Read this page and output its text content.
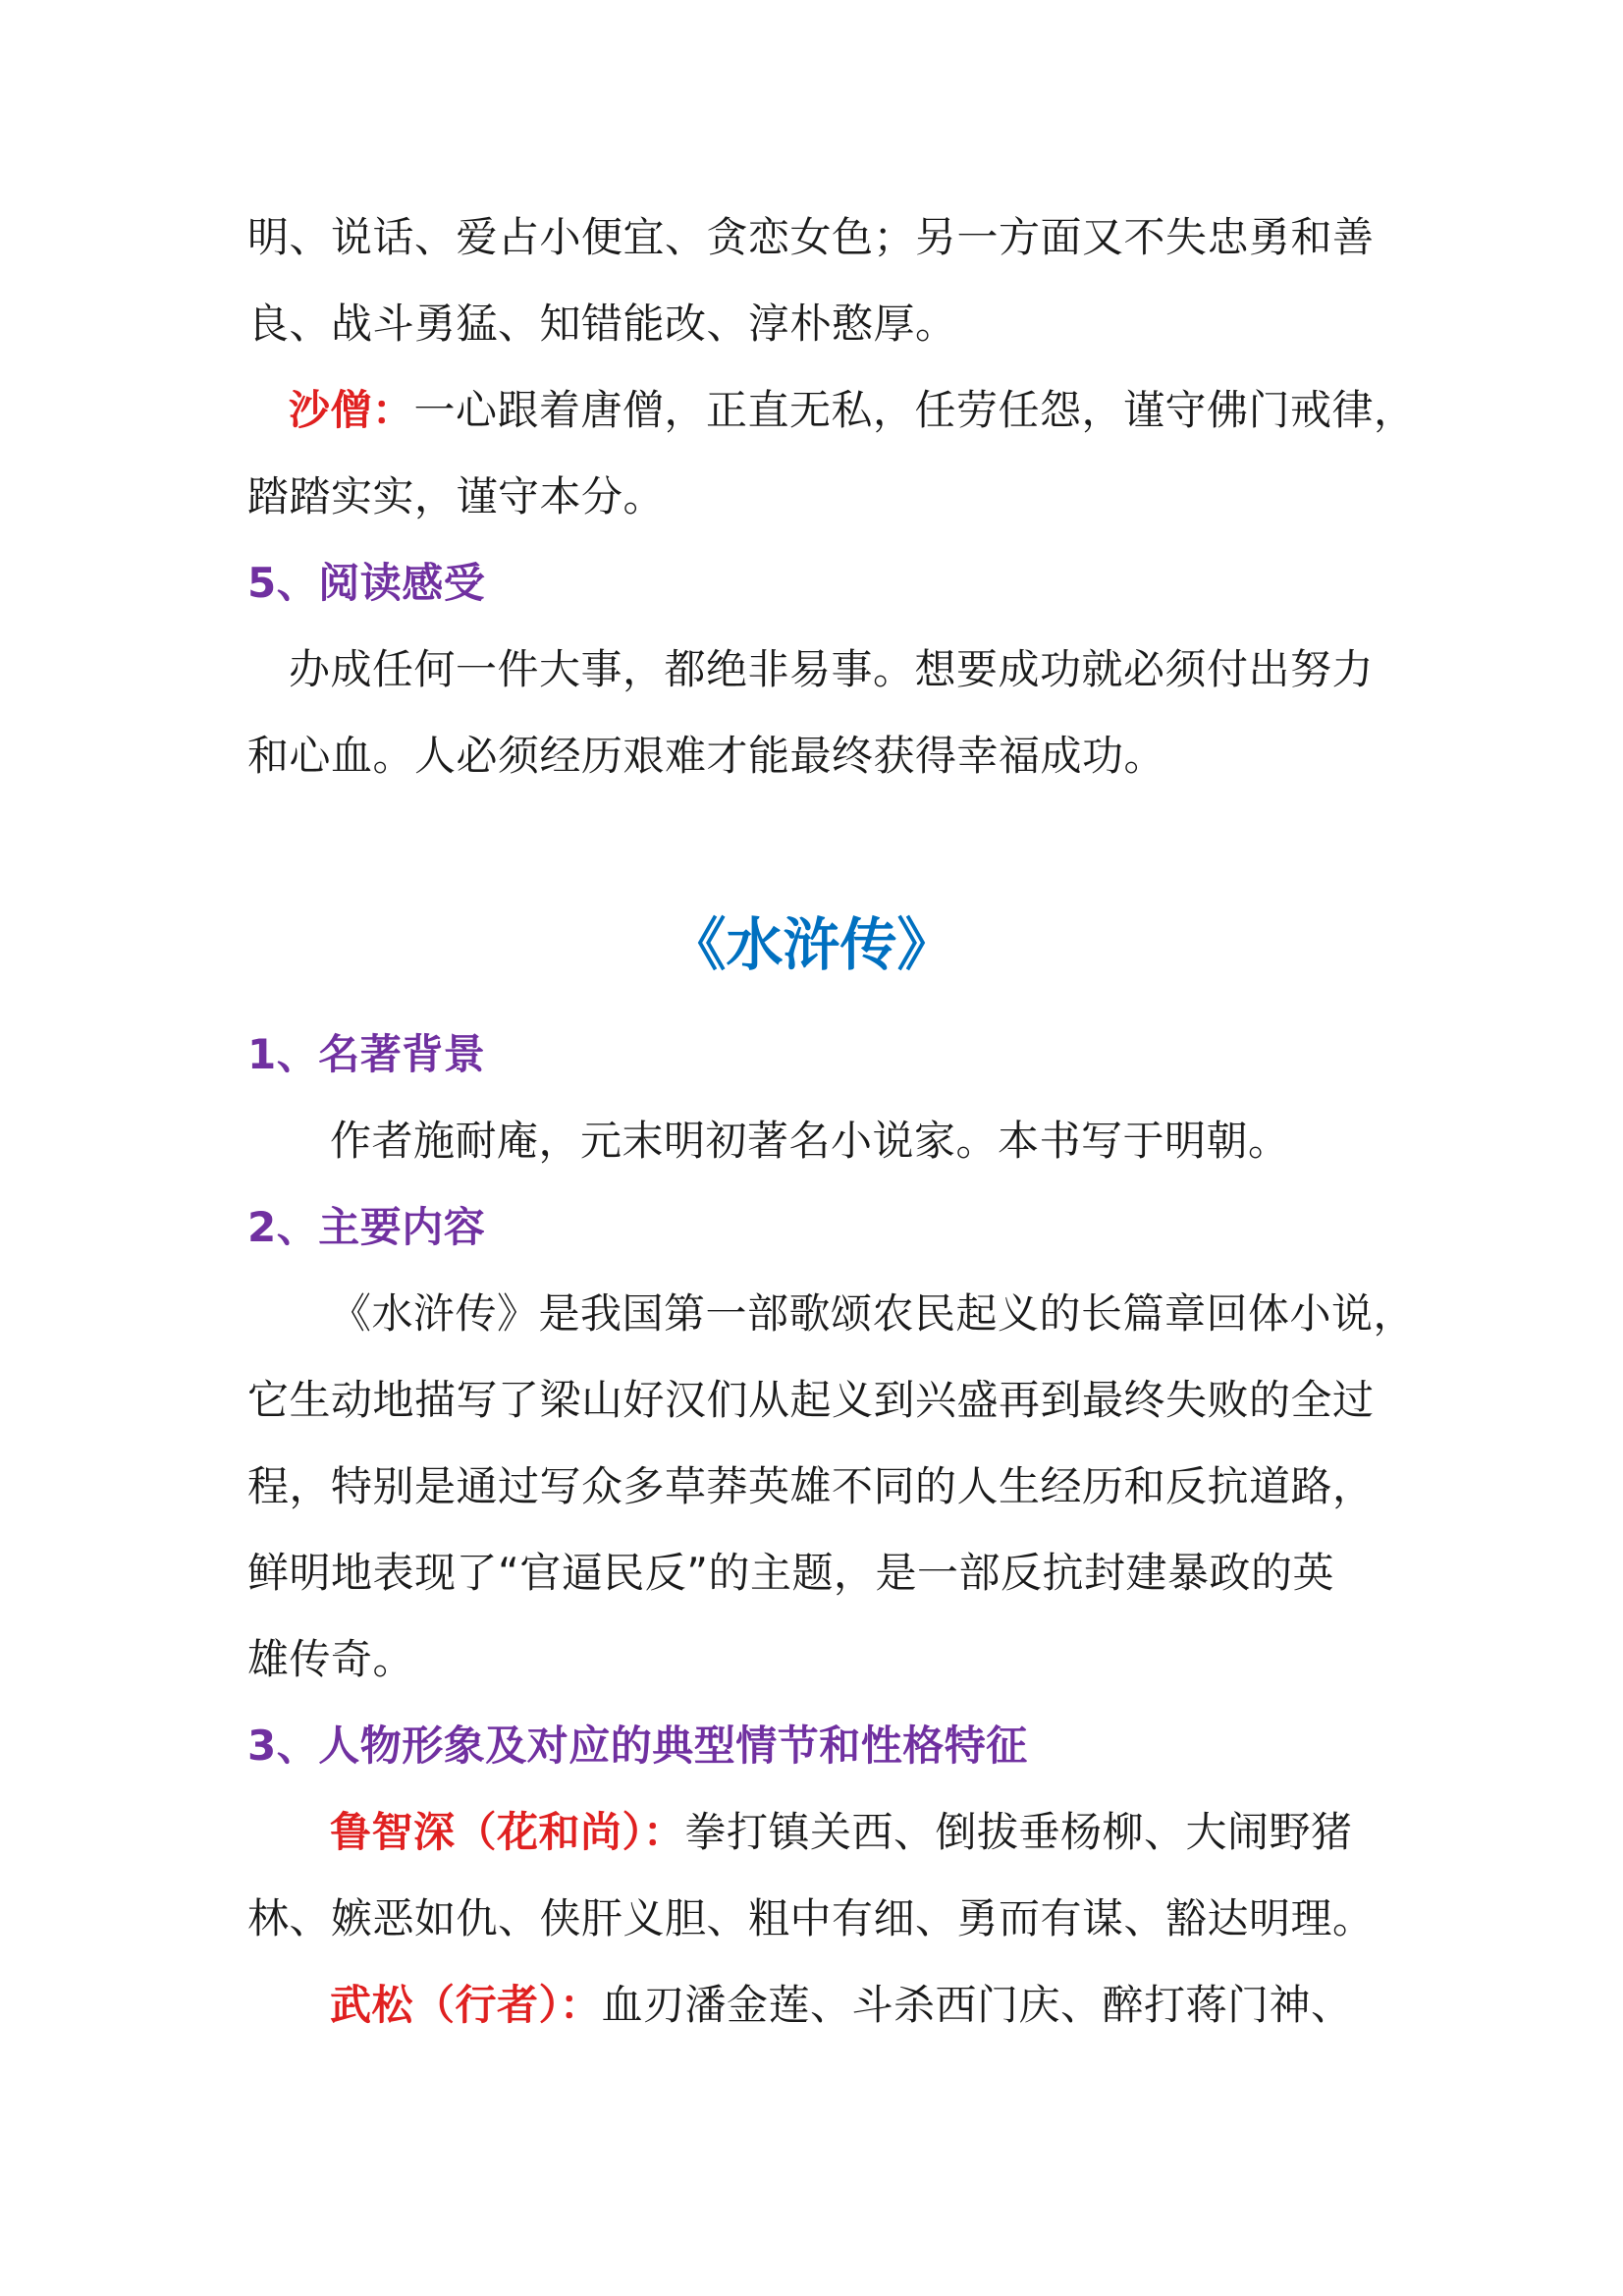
明、说话、爱占小便宜、贪恋女色；另一方面又不失忠勇和善
良、战斗勇猛、知错能改、淳朴憨厚。
沙僧：一心跟着唐僧，正直无私，任劳任怨，谨守佛门戒律，
踏踏实实，谨守本分。
5、阅读感受
办成任何一件大事，都绝非易事。想要成功就必须付出努力
和心血。人必须经历艰难才能最终获得幸福成功。
《水浒传》
1、名著背景
作者施耐庵，元末明初著名小说家。本书写于明朝。
2、主要内容
《水浒传》是我国第一部歌颂农民起义的长篇章回体小说，
它生动地描写了梁山好汉们从起义到兴盛再到最终失败的全过
程，特别是通过写众多草莽英雄不同的人生经历和反抗道路，
鲜明地表现了“官逼民反”的主题，是一部反抗封建暴政的英
雄传奇。
3、人物形象及对应的典型情节和性格特征
鲁智深（花和尚）：拳打镇关西、倒拔垂杨柳、大闹野猪
林、嫉恶如仇、侠肝义胆、粗中有细、勇而有谋、豁达明理。
武松（行者）：血刃潘金莲、斗杀西门庆、醉打蒋门神、
